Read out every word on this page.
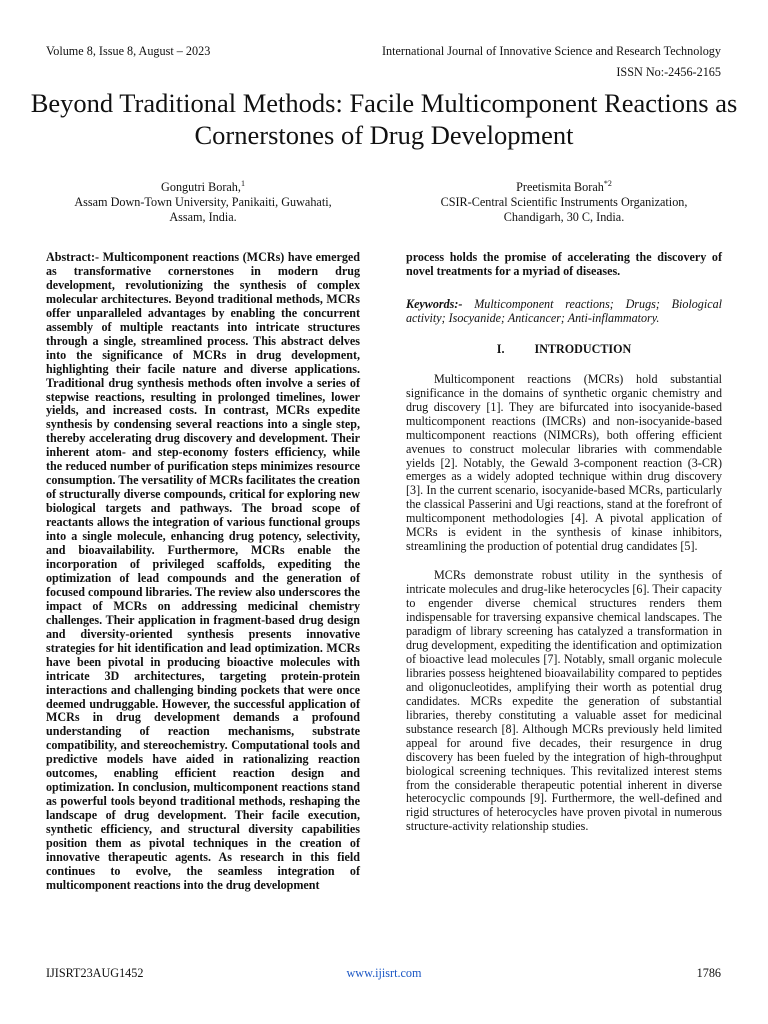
Volume 8, Issue 8, August – 2023	International Journal of Innovative Science and Research Technology
ISSN No:-2456-2165
Beyond Traditional Methods: Facile Multicomponent Reactions as Cornerstones of Drug Development
Gongutri Borah,$^1$
Assam Down-Town University, Panikaiti, Guwahati,
Assam, India.
Preetismita Borah$^{*2}$
CSIR-Central Scientific Instruments Organization,
Chandigarh, 30 C, India.

Abstract:- Multicomponent reactions (MCRs) have emerged as transformative cornerstones in modern drug development, revolutionizing the synthesis of complex molecular architectures. Beyond traditional methods, MCRs offer unparalleled advantages by enabling the concurrent assembly of multiple reactants into intricate structures through a single, streamlined process. This abstract delves into the significance of MCRs in drug development, highlighting their facile nature and diverse applications. Traditional drug synthesis methods often involve a series of stepwise reactions, resulting in prolonged timelines, lower yields, and increased costs. In contrast, MCRs expedite synthesis by condensing several reactions into a single step, thereby accelerating drug discovery and development. Their inherent atom- and step-economy fosters efficiency, while the reduced number of purification steps minimizes resource consumption. The versatility of MCRs facilitates the creation of structurally diverse compounds, critical for exploring new biological targets and pathways. The broad scope of reactants allows the integration of various functional groups into a single molecule, enhancing drug potency, selectivity, and bioavailability. Furthermore, MCRs enable the incorporation of privileged scaffolds, expediting the optimization of lead compounds and the generation of focused compound libraries. The review also underscores the impact of MCRs on addressing medicinal chemistry challenges. Their application in fragment-based drug design and diversity-oriented synthesis presents innovative strategies for hit identification and lead optimization. MCRs have been pivotal in producing bioactive molecules with intricate 3D architectures, targeting protein-protein interactions and challenging binding pockets that were once deemed undruggable. However, the successful application of MCRs in drug development demands a profound understanding of reaction mechanisms, substrate compatibility, and stereochemistry. Computational tools and predictive models have aided in rationalizing reaction outcomes, enabling efficient reaction design and optimization. In conclusion, multicomponent reactions stand as powerful tools beyond traditional methods, reshaping the landscape of drug development. Their facile execution, synthetic efficiency, and structural diversity capabilities position them as pivotal techniques in the creation of innovative therapeutic agents. As research in this field continues to evolve, the seamless integration of multicomponent reactions into the drug development

process holds the promise of accelerating the discovery of novel treatments for a myriad of diseases.

Keywords:- Multicomponent reactions; Drugs; Biological activity; Isocyanide; Anticancer; Anti-inflammatory.

I. INTRODUCTION

Multicomponent reactions (MCRs) hold substantial significance in the domains of synthetic organic chemistry and drug discovery [1]. They are bifurcated into isocyanide-based multicomponent reactions (IMCRs) and non-isocyanide-based multicomponent reactions (NIMCRs), both offering efficient avenues to construct molecular libraries with commendable yields [2]. Notably, the Gewald 3-component reaction (3-CR) emerges as a widely adopted technique within drug discovery [3]. In the current scenario, isocyanide-based MCRs, particularly the classical Passerini and Ugi reactions, stand at the forefront of multicomponent methodologies [4]. A pivotal application of MCRs is evident in the synthesis of kinase inhibitors, streamlining the production of potential drug candidates [5].

MCRs demonstrate robust utility in the synthesis of intricate molecules and drug-like heterocycles [6]. Their capacity to engender diverse chemical structures renders them indispensable for traversing expansive chemical landscapes. The paradigm of library screening has catalyzed a transformation in drug development, expediting the identification and optimization of bioactive lead molecules [7]. Notably, small organic molecule libraries possess heightened bioavailability compared to peptides and oligonucleotides, amplifying their worth as potential drug candidates. MCRs expedite the generation of substantial libraries, thereby constituting a valuable asset for medicinal substance research [8]. Although MCRs previously held limited appeal for around five decades, their resurgence in drug discovery has been fueled by the integration of high-throughput biological screening techniques. This revitalized interest stems from the considerable therapeutic potential inherent in diverse heterocyclic compounds [9]. Furthermore, the well-defined and rigid structures of heterocycles have proven pivotal in numerous structure-activity relationship studies.

IJISRT23AUG1452	www.ijisrt.com	1786
